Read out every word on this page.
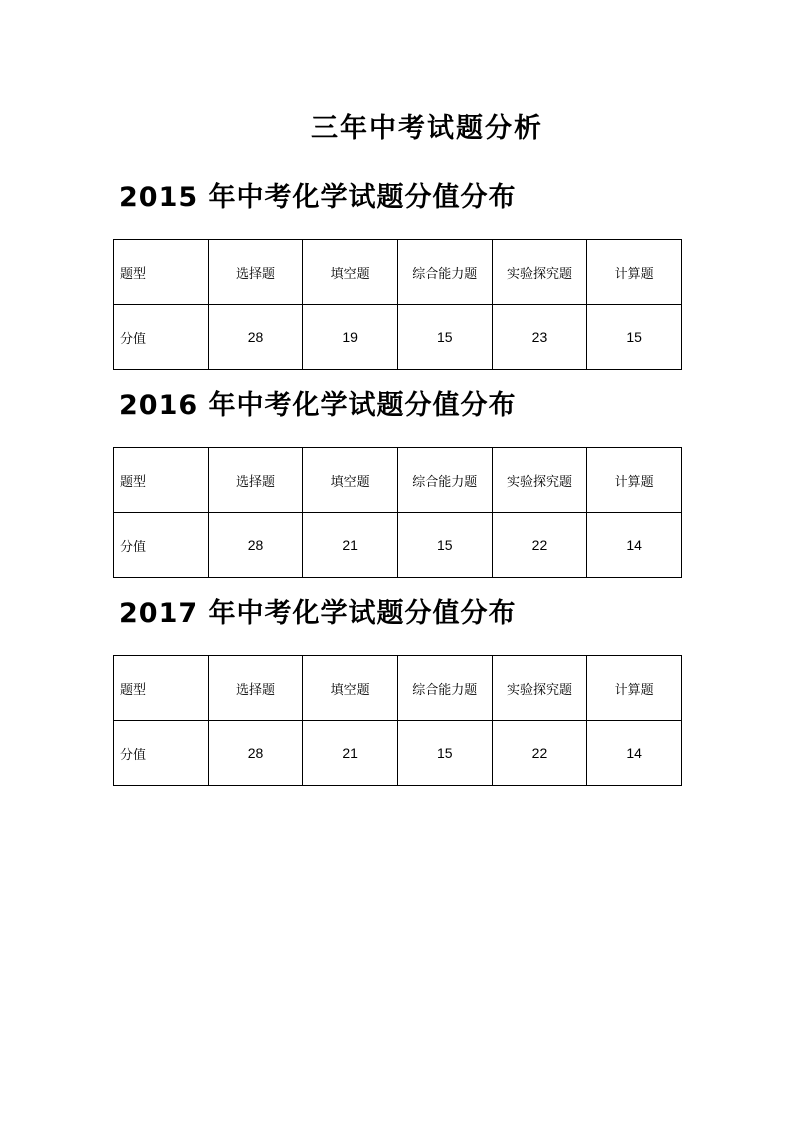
三年中考试题分析
2015 年中考化学试题分值分布
题型	选择题	填空题	综合能力题	实验探究题	计算题
分值	28	19	15	23	15
2016 年中考化学试题分值分布
题型	选择题	填空题	综合能力题	实验探究题	计算题
分值	28	21	15	22	14
2017 年中考化学试题分值分布
题型	选择题	填空题	综合能力题	实验探究题	计算题
分值	28	21	15	22	14
